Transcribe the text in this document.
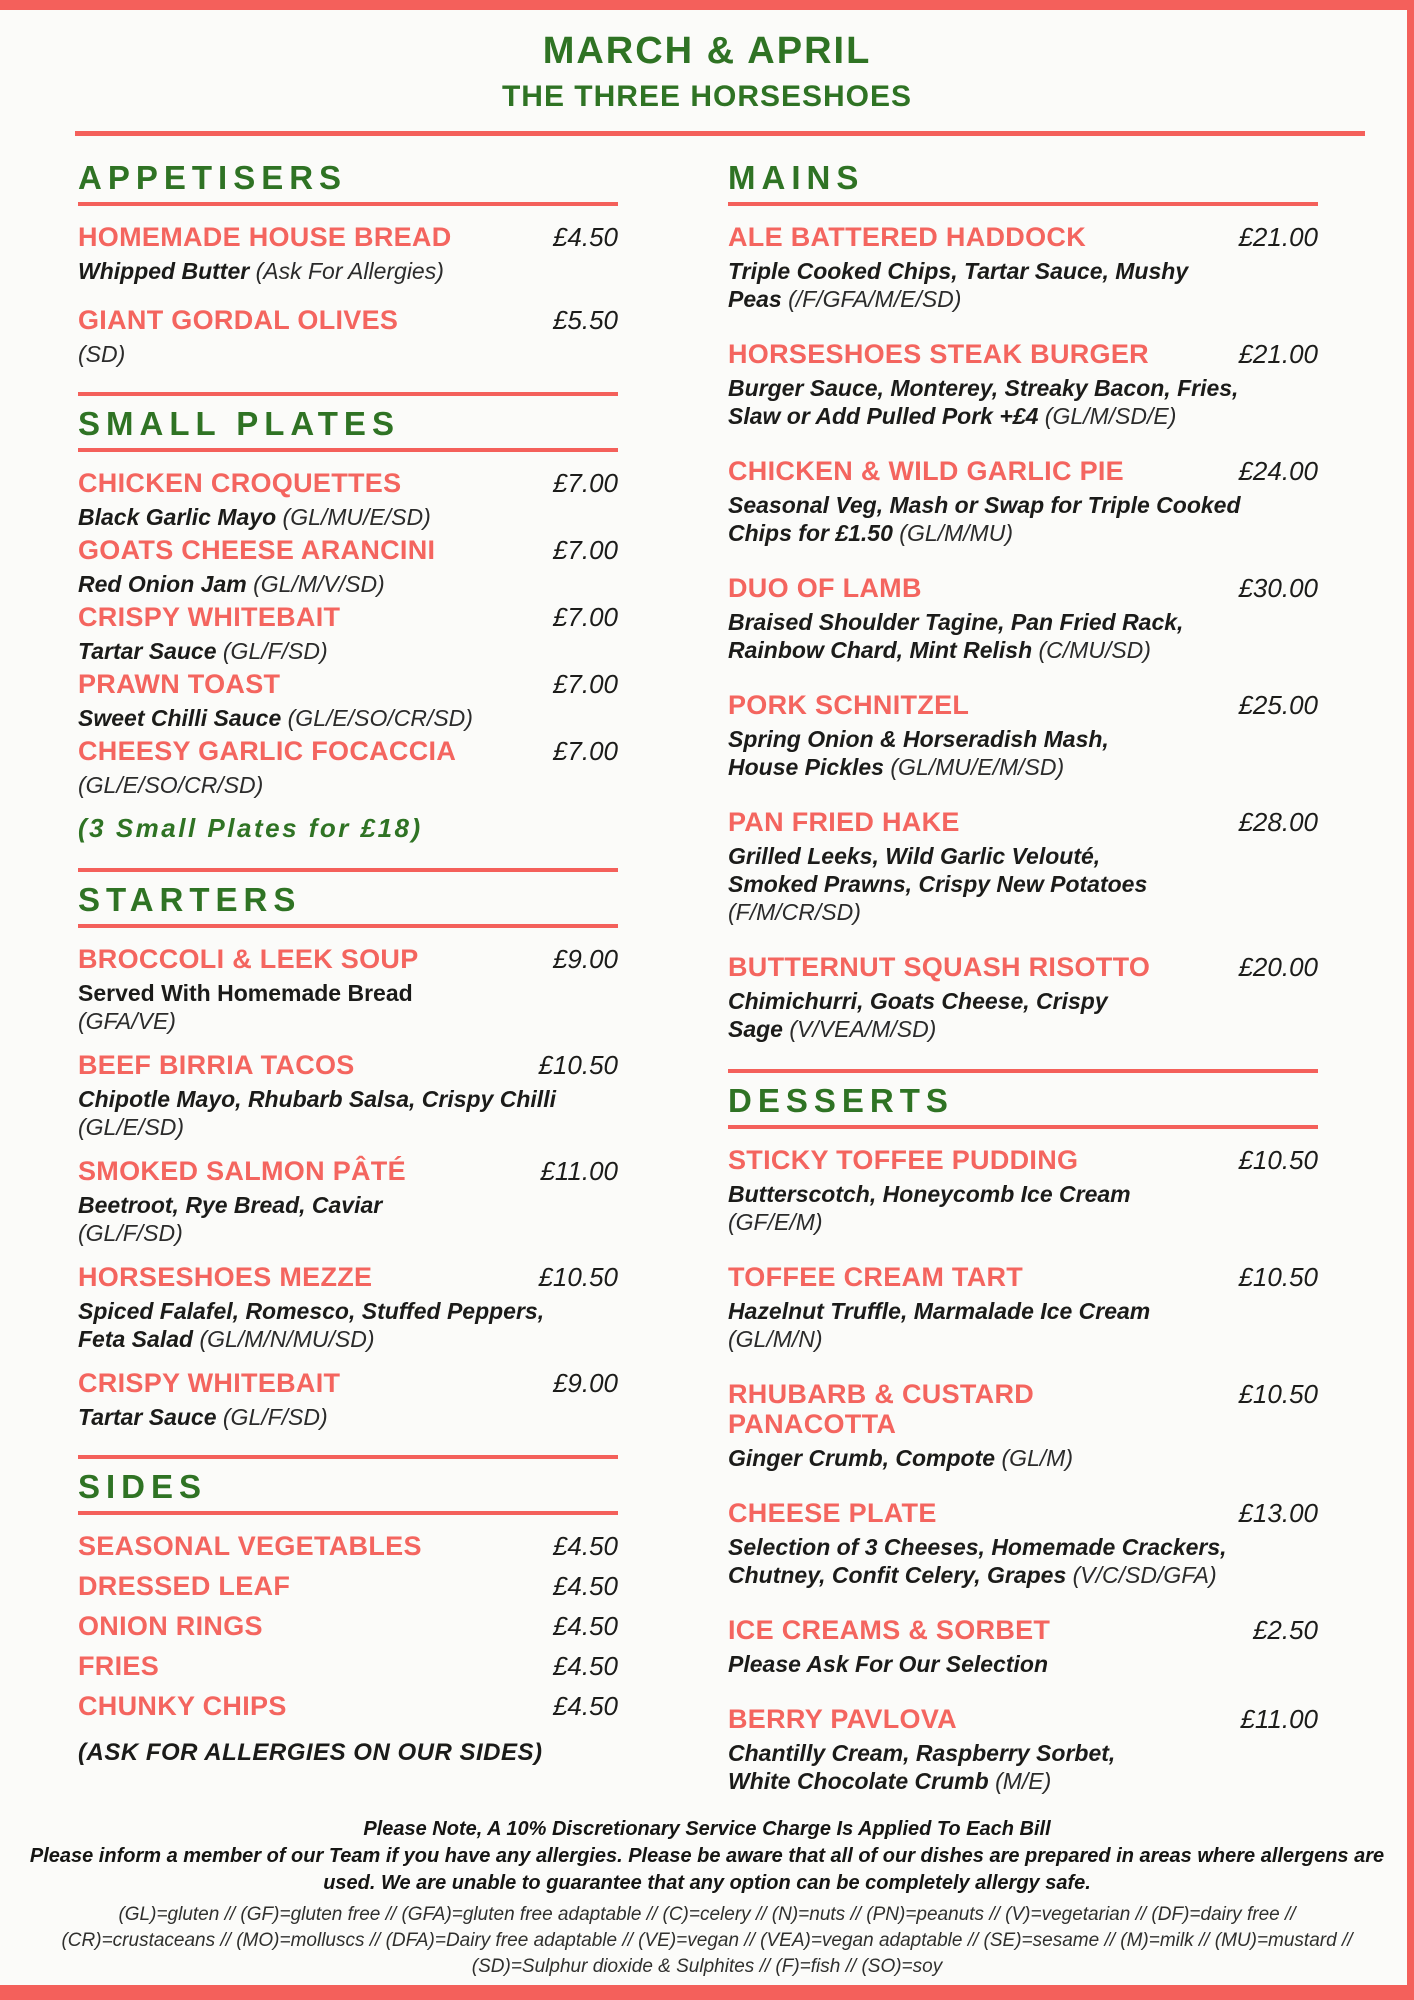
MARCH & APRIL
THE THREE HORSESHOES
APPETISERS
HOMEMADE HOUSE BREAD	£4.50
Whipped Butter (Ask For Allergies)
GIANT GORDAL OLIVES	£5.50
(SD)
SMALL PLATES
CHICKEN CROQUETTES	£7.00
Black Garlic Mayo (GL/MU/E/SD)
GOATS CHEESE ARANCINI	£7.00
Red Onion Jam (GL/M/V/SD)
CRISPY WHITEBAIT	£7.00
Tartar Sauce (GL/F/SD)
PRAWN TOAST	£7.00
Sweet Chilli Sauce (GL/E/SO/CR/SD)
CHEESY GARLIC FOCACCIA	£7.00
(GL/E/SO/CR/SD)
(3 Small Plates for £18)
STARTERS
BROCCOLI & LEEK SOUP	£9.00
Served With Homemade Bread
(GFA/VE)
BEEF BIRRIA TACOS	£10.50
Chipotle Mayo, Rhubarb Salsa, Crispy Chilli
(GL/E/SD)
SMOKED SALMON PÂTÉ	£11.00
Beetroot, Rye Bread, Caviar
(GL/F/SD)
HORSESHOES MEZZE	£10.50
Spiced Falafel, Romesco, Stuffed Peppers,
Feta Salad (GL/M/N/MU/SD)
CRISPY WHITEBAIT	£9.00
Tartar Sauce (GL/F/SD)
SIDES
SEASONAL VEGETABLES	£4.50
DRESSED LEAF	£4.50
ONION RINGS	£4.50
FRIES	£4.50
CHUNKY CHIPS	£4.50
(ASK FOR ALLERGIES ON OUR SIDES)
MAINS
ALE BATTERED HADDOCK	£21.00
Triple Cooked Chips, Tartar Sauce, Mushy
Peas (/F/GFA/M/E/SD)
HORSESHOES STEAK BURGER	£21.00
Burger Sauce, Monterey, Streaky Bacon, Fries,
Slaw or Add Pulled Pork +£4 (GL/M/SD/E)
CHICKEN & WILD GARLIC PIE	£24.00
Seasonal Veg, Mash or Swap for Triple Cooked
Chips for £1.50 (GL/M/MU)
DUO OF LAMB	£30.00
Braised Shoulder Tagine, Pan Fried Rack,
Rainbow Chard, Mint Relish (C/MU/SD)
PORK SCHNITZEL	£25.00
Spring Onion & Horseradish Mash,
House Pickles (GL/MU/E/M/SD)
PAN FRIED HAKE	£28.00
Grilled Leeks, Wild Garlic Velouté,
Smoked Prawns, Crispy New Potatoes
(F/M/CR/SD)
BUTTERNUT SQUASH RISOTTO	£20.00
Chimichurri, Goats Cheese, Crispy
Sage (V/VEA/M/SD)
DESSERTS
STICKY TOFFEE PUDDING	£10.50
Butterscotch, Honeycomb Ice Cream
(GF/E/M)
TOFFEE CREAM TART	£10.50
Hazelnut Truffle, Marmalade Ice Cream
(GL/M/N)
RHUBARB & CUSTARD
PANACOTTA
£10.50
Ginger Crumb, Compote (GL/M)
CHEESE PLATE	£13.00
Selection of 3 Cheeses, Homemade Crackers,
Chutney, Confit Celery, Grapes (V/C/SD/GFA)
ICE CREAMS & SORBET	£2.50
Please Ask For Our Selection
BERRY PAVLOVA	£11.00
Chantilly Cream, Raspberry Sorbet,
White Chocolate Crumb (M/E)

Please Note, A 10% Discretionary Service Charge Is Applied To Each Bill

Please inform a member of our Team if you have any allergies. Please be aware that all of our dishes are prepared in areas where allergens are used. We are unable to guarantee that any option can be completely allergy safe.

(GL)=gluten // (GF)=gluten free // (GFA)=gluten free adaptable // (C)=celery // (N)=nuts // (PN)=peanuts // (V)=vegetarian // (DF)=dairy free // (CR)=crustaceans // (MO)=molluscs // (DFA)=Dairy free adaptable // (VE)=vegan // (VEA)=vegan adaptable // (SE)=sesame // (M)=milk // (MU)=mustard // (SD)=Sulphur dioxide & Sulphites // (F)=fish // (SO)=soy
